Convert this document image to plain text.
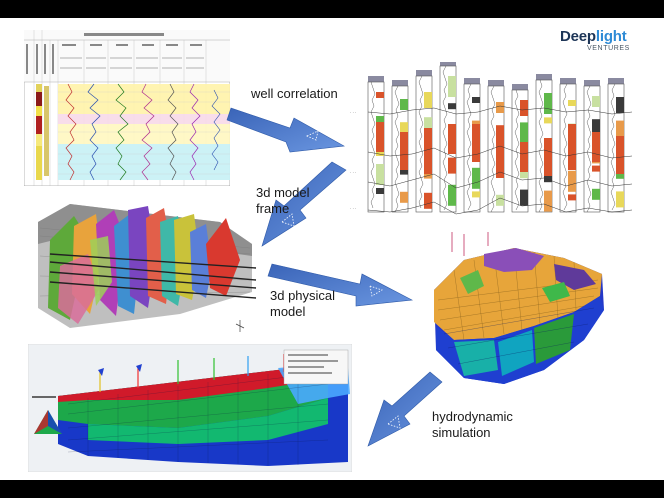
Deeplight
VENTURES
· · ·
· · ·
· · ·
well correlation
3d model
frame
3d physical
model
hydrodynamic
simulation
